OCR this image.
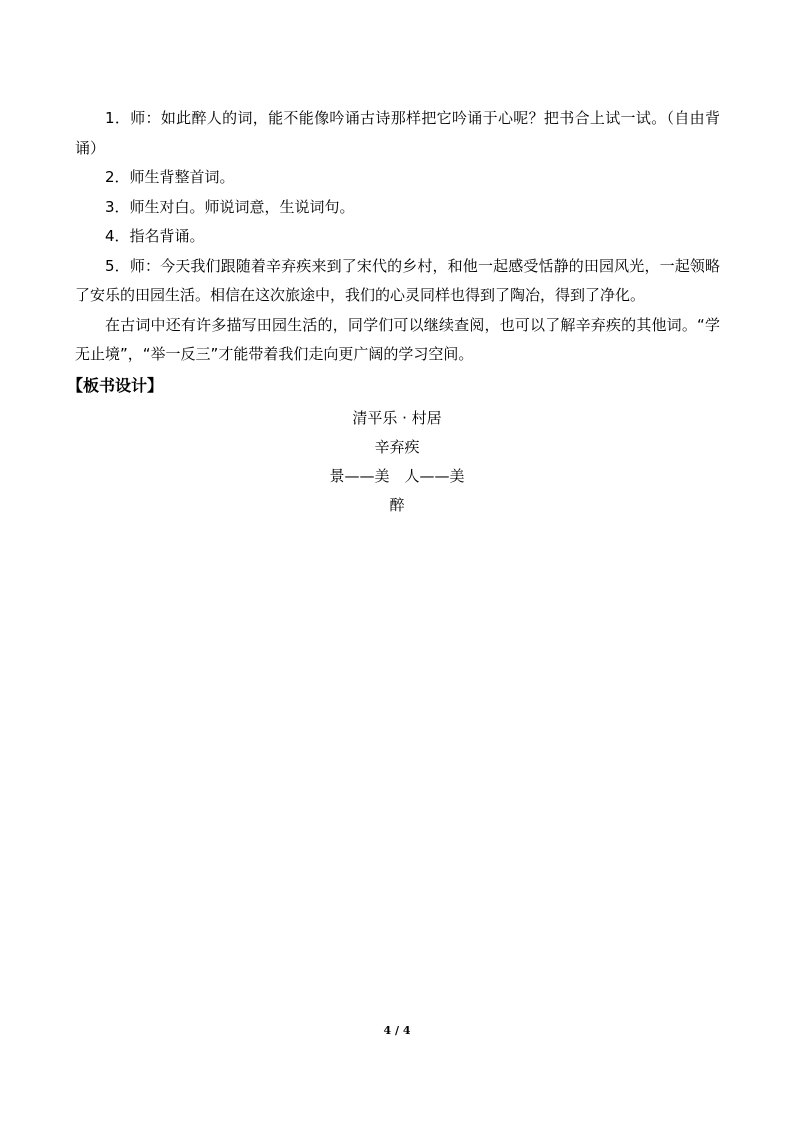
1．师：如此醉人的词，能不能像吟诵古诗那样把它吟诵于心呢？把书合上试一试。（自由背诵）

2．师生背整首词。

3．师生对白。师说词意，生说词句。

4．指名背诵。

5．师：今天我们跟随着辛弃疾来到了宋代的乡村，和他一起感受恬静的田园风光，一起领略了安乐的田园生活。相信在这次旅途中，我们的心灵同样也得到了陶冶，得到了净化。

在古词中还有许多描写田园生活的，同学们可以继续查阅，也可以了解辛弃疾的其他词。“学无止境”，“举一反三”才能带着我们走向更广阔的学习空间。

【板书设计】
清平乐 · 村居
辛弃疾
景——美　人——美
醉
4 / 4
